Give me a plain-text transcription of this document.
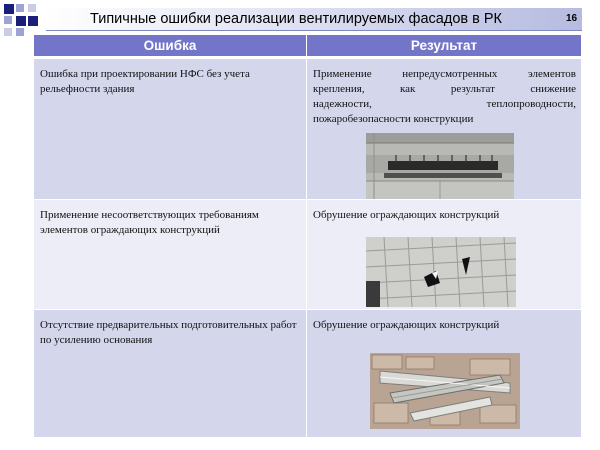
Типичные ошибки реализации вентилируемых фасадов в РК	16
Ошибка	Результат

Ошибка при проектировании НФС без учета рельефности здания	Применение непредусмотренных элементов
крепления, как результат снижение
надежности, теплопроводности,
пожаробезопасности конструкции

Применение несоответствующих требованиям элементов ограждающих конструкций	Обрушение ограждающих конструкций

Отсутствие предварительных подготовительных работ по усилению основания	Обрушение ограждающих конструкций
